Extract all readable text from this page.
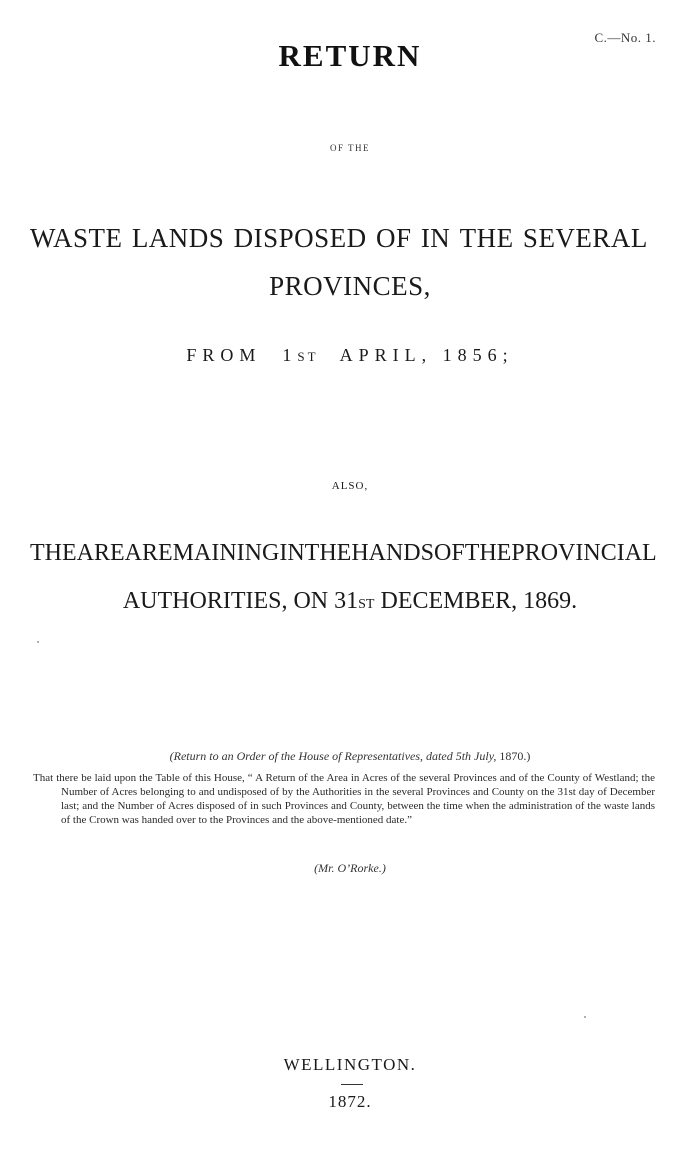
C.—No. 1.
RETURN
OF THE
WASTE LANDS DISPOSED OF IN THE SEVERAL
PROVINCES,
FROM 1ST APRIL, 1856;
ALSO,
THE AREA REMAINING IN THE HANDS OF THE PROVINCIAL
AUTHORITIES, ON 31ST DECEMBER, 1869.
(Return to an Order of the House of Representatives, dated 5th July, 1870.)
That there be laid upon the Table of this House, “ A Return of the Area in Acres of the several Provinces and of the County of Westland; the Number of Acres belonging to and undisposed of by the Authorities in the several Provinces and County on the 31st day of December last; and the Number of Acres disposed of in such Provinces and County, between the time when the administration of the waste lands of the Crown was handed over to the Provinces and the above-mentioned date.”
(Mr. O’Rorke.)
WELLINGTON.
1872.
